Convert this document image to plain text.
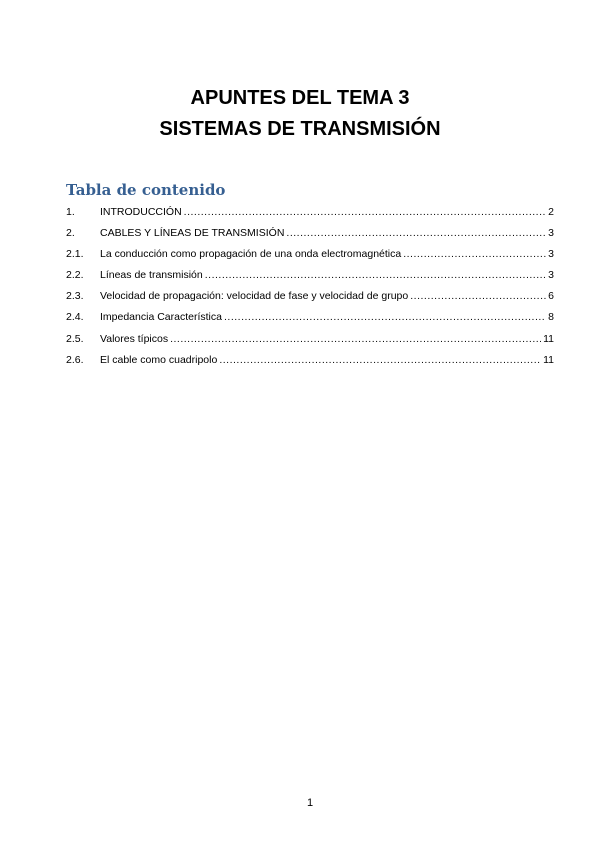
APUNTES DEL TEMA 3
SISTEMAS DE TRANSMISIÓN
Tabla de contenido
1.	INTRODUCCIÓN .....	2
2.	CABLES Y LÍNEAS DE TRANSMISIÓN .....	3
2.1.	La conducción como propagación de una onda electromagnética .....	3
2.2.	Líneas de transmisión .....	3
2.3.	Velocidad de propagación: velocidad de fase y velocidad de grupo .....	6
2.4.	Impedancia Característica .....	8
2.5.	Valores típicos .....	11
2.6.	El cable como cuadripolo .....	11
1
